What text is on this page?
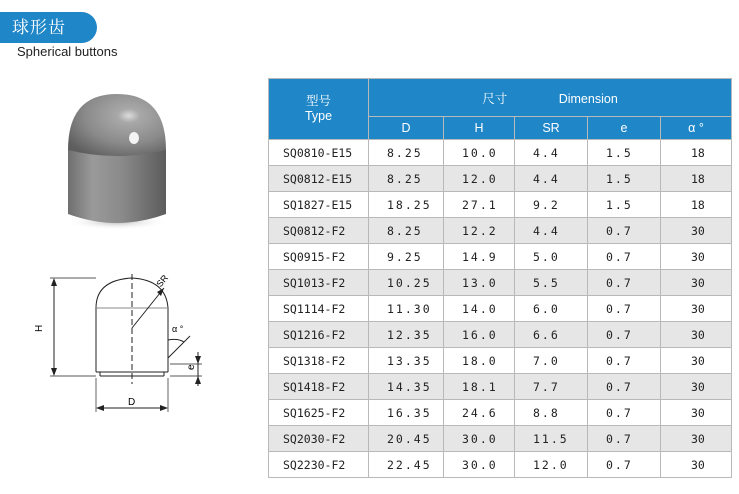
球形齿
Spherical buttons
H
D
SR
α °
e
型号
Type	尺寸 Dimension				
	D	H	SR	e	α °
SQ0810-E15	8.25	10.0	4.4	1.5	18
SQ0812-E15	8.25	12.0	4.4	1.5	18
SQ1827-E15	18.25	27.1	9.2	1.5	18
SQ0812-F2	8.25	12.2	4.4	0.7	30
SQ0915-F2	9.25	14.9	5.0	0.7	30
SQ1013-F2	10.25	13.0	5.5	0.7	30
SQ1114-F2	11.30	14.0	6.0	0.7	30
SQ1216-F2	12.35	16.0	6.6	0.7	30
SQ1318-F2	13.35	18.0	7.0	0.7	30
SQ1418-F2	14.35	18.1	7.7	0.7	30
SQ1625-F2	16.35	24.6	8.8	0.7	30
SQ2030-F2	20.45	30.0	11.5	0.7	30
SQ2230-F2	22.45	30.0	12.0	0.7	30
